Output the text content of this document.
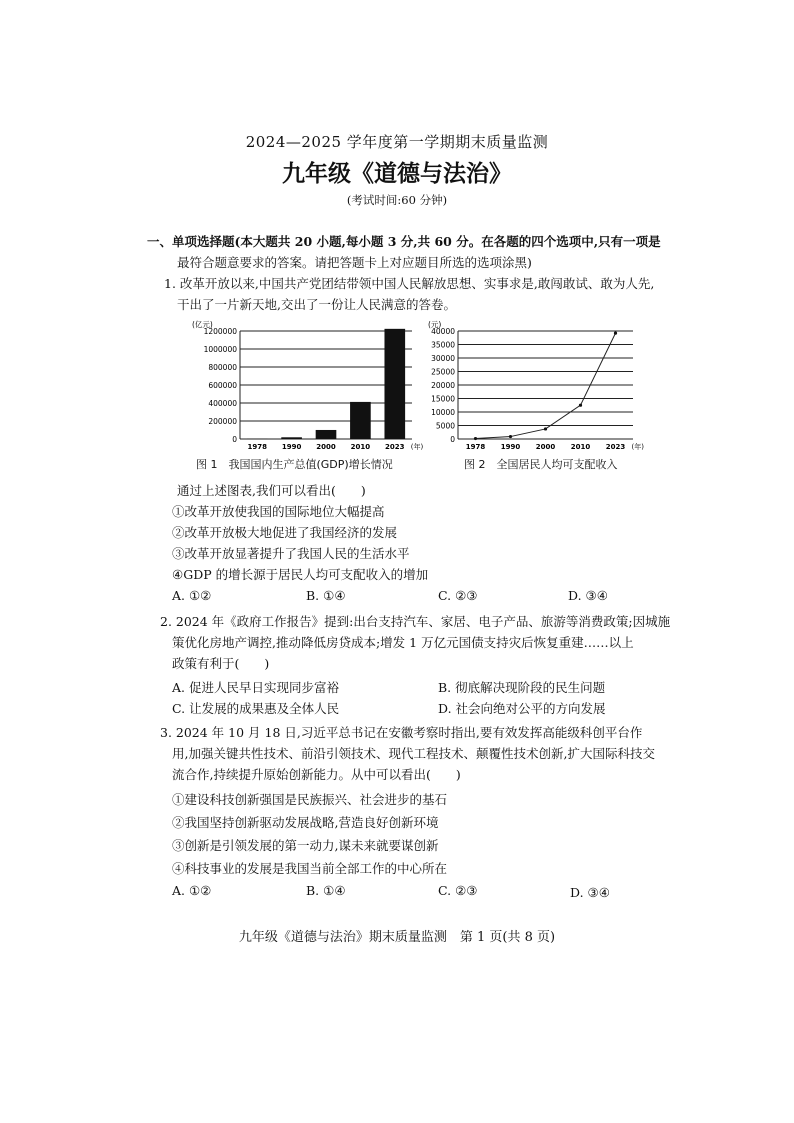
2024—2025 学年度第一学期期末质量监测
九年级《道德与法治》
(考试时间:60 分钟)
一、单项选择题(本大题共 20 小题,每小题 3 分,共 60 分。在各题的四个选项中,只有一项是
最符合题意要求的答案。请把答题卡上对应题目所选的选项涂黑)
1. 改革开放以来,中国共产党团结带领中国人民解放思想、实事求是,敢闯敢试、敢为人先,
干出了一片新天地,交出了一份让人民满意的答卷。
(亿元)
0
200000
400000
600000
800000
1000000
1200000
1978 1990 2000 2010 2023 (年)
图 1　我国国内生产总值(GDP)增长情况
(元)
0
5000
10000
15000
20000
25000
30000
35000
40000
1978 1990 2000 2010 2023 (年)
图 2　全国居民人均可支配收入
通过上述图表,我们可以看出(　　)
①改革开放使我国的国际地位大幅提高
②改革开放极大地促进了我国经济的发展
③改革开放显著提升了我国人民的生活水平
④GDP 的增长源于居民人均可支配收入的增加
A. ①②	B. ①④	C. ②③	D. ③④
2. 2024 年《政府工作报告》提到:出台支持汽车、家居、电子产品、旅游等消费政策;因城施
策优化房地产调控,推动降低房贷成本;增发 1 万亿元国债支持灾后恢复重建……以上
政策有利于(　　)
A. 促进人民早日实现同步富裕	B. 彻底解决现阶段的民生问题
C. 让发展的成果惠及全体人民	D. 社会向绝对公平的方向发展
3. 2024 年 10 月 18 日,习近平总书记在安徽考察时指出,要有效发挥高能级科创平台作
用,加强关键共性技术、前沿引领技术、现代工程技术、颠覆性技术创新,扩大国际科技交
流合作,持续提升原始创新能力。从中可以看出(　　)
①建设科技创新强国是民族振兴、社会进步的基石
②我国坚持创新驱动发展战略,营造良好创新环境
③创新是引领发展的第一动力,谋未来就要谋创新
④科技事业的发展是我国当前全部工作的中心所在
A. ①②	B. ①④	C. ②③	D. ③④
九年级《道德与法治》期末质量监测　第 1 页(共 8 页)
